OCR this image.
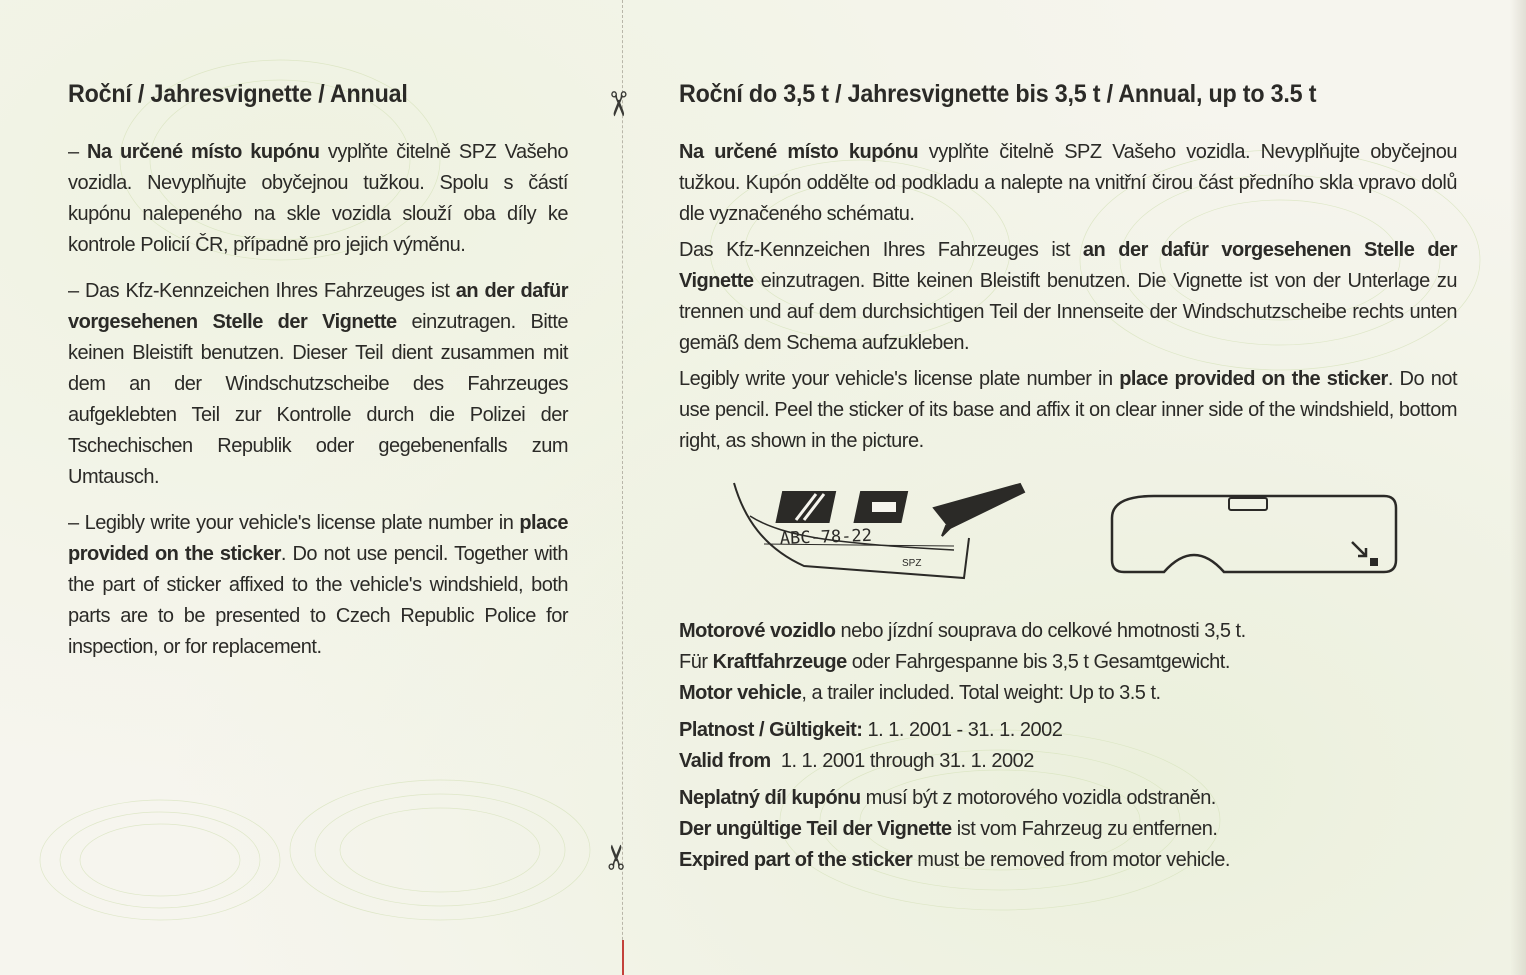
✂
✂
Roční / Jahresvignette / Annual

– Na určené místo kupónu vyplňte čitelně SPZ Vašeho vozidla. Nevyplňujte obyčejnou tužkou. Spolu s částí kupónu nalepeného na skle vozidla slouží oba díly ke kontrole Policií ČR, případně pro jejich výměnu.

– Das Kfz-Kennzeichen Ihres Fahrzeuges ist an der dafür vorgesehenen Stelle der Vignette einzutragen. Bitte keinen Bleistift benutzen. Dieser Teil dient zusammen mit dem an der Windschutzscheibe des Fahrzeuges aufgeklebten Teil zur Kontrolle durch die Polizei der Tschechischen Republik oder gegebenenfalls zum Umtausch.

– Legibly write your vehicle's license plate number in place provided on the sticker. Do not use pencil. Together with the part of sticker affixed to the vehicle's windshield, both parts are to be presented to Czech Republic Police for inspection, or for replacement.

Roční do 3,5 t / Jahresvignette bis 3,5 t / Annual, up to 3.5 t

Na určené místo kupónu vyplňte čitelně SPZ Vašeho vozidla. Nevyplňujte obyčejnou tužkou. Kupón oddělte od podkladu a nalepte na vnitřní čirou část předního skla vpravo dolů dle vyznačeného schématu.

Das Kfz-Kennzeichen Ihres Fahrzeuges ist an der dafür vorgesehenen Stelle der Vignette einzutragen. Bitte keinen Bleistift benutzen. Die Vignette ist von der Unterlage zu trennen und auf dem durchsichtigen Teil der Innenseite der Windschutzscheibe rechts unten gemäß dem Schema aufzukleben.

Legibly write your vehicle's license plate number in place provided on the sticker. Do not use pencil. Peel the sticker of its base and affix it on clear inner side of the windshield, bottom right, as shown in the picture.

ABC-78-22
SPZ

Motorové vozidlo nebo jízdní souprava do celkové hmotnosti 3,5 t.

Für Kraftfahrzeuge oder Fahrgespanne bis 3,5 t Gesamtgewicht.

Motor vehicle, a trailer included. Total weight: Up to 3.5 t.

Platnost / Gültigkeit: 1. 1. 2001 - 31. 1. 2002

Valid from  1. 1. 2001 through 31. 1. 2002

Neplatný díl kupónu musí být z motorového vozidla odstraněn.

Der ungültige Teil der Vignette ist vom Fahrzeug zu entfernen.

Expired part of the sticker must be removed from motor vehicle.
